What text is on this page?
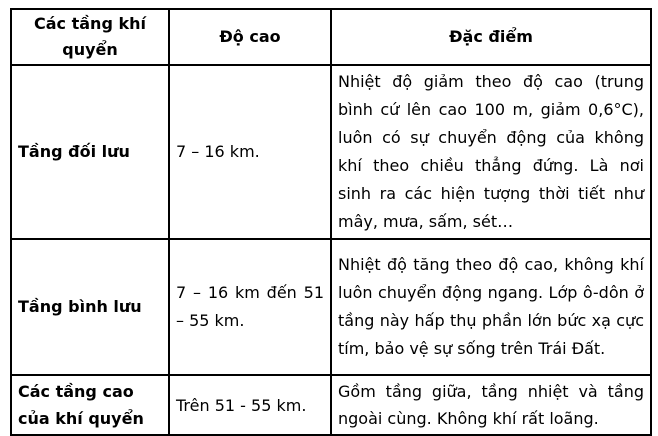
Các tầng khí quyển	Độ cao	Đặc điểm
Tầng đối lưu	7 – 16 km.	Nhiệt độ giảm theo độ cao (trung bình cứ lên cao 100 m, giảm 0,6°C), luôn có sự chuyển động của không khí theo chiều thẳng đứng. Là nơi sinh ra các hiện tượng thời tiết như mây, mưa, sấm, sét…
Tầng bình lưu	7 – 16 km đến 51 – 55 km.	Nhiệt độ tăng theo độ cao, không khí luôn chuyển động ngang. Lớp ô-dôn ở tầng này hấp thụ phần lớn bức xạ cực tím, bảo vệ sự sống trên Trái Đất.
Các tầng cao của khí quyển	Trên 51 - 55 km.	Gồm tầng giữa, tầng nhiệt và tầng ngoài cùng. Không khí rất loãng.
